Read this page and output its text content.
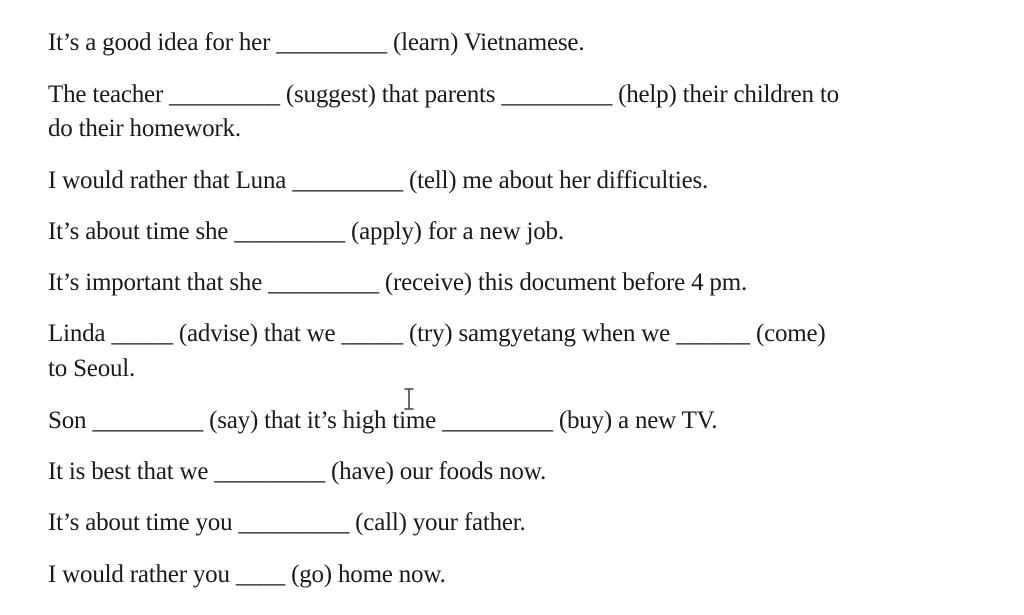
It’s a good idea for her _________ (learn) Vietnamese.
The teacher _________ (suggest) that parents _________ (help) their children to
do their homework.
I would rather that Luna _________ (tell) me about her difficulties.
It’s about time she _________ (apply) for a new job.
It’s important that she _________ (receive) this document before 4 pm.
Linda _____ (advise) that we _____ (try) samgyetang when we ______ (come)
to Seoul.
Son _________ (say) that it’s high time _________ (buy) a new TV.
It is best that we _________ (have) our foods now.
It’s about time you _________ (call) your father.
I would rather you ____ (go) home now.
